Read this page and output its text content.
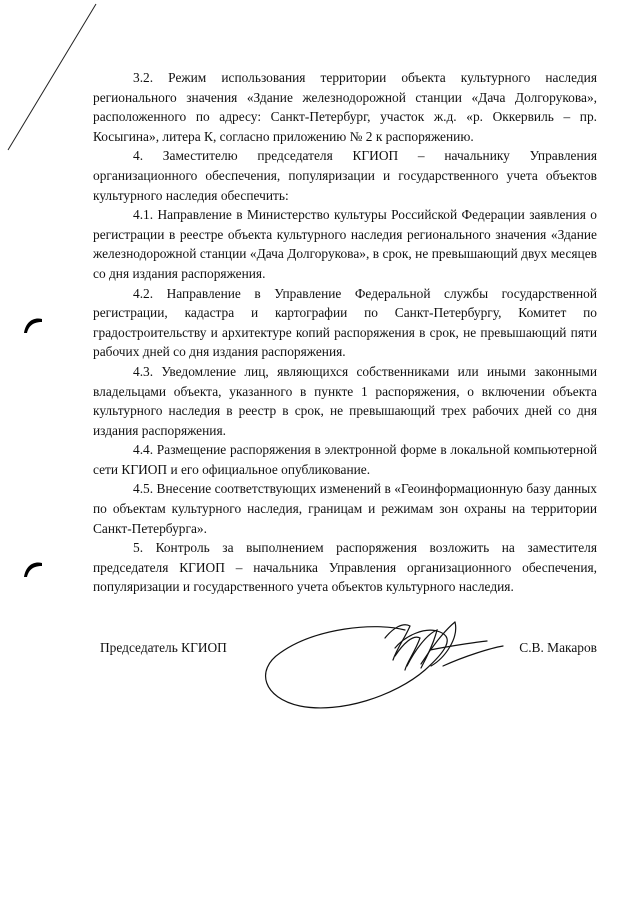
3.2. Режим использования территории объекта культурного наследия регионального значения «Здание железнодорожной станции «Дача Долгорукова», расположенного по адресу: Санкт-Петербург, участок ж.д. «р. Оккервиль – пр. Косыгина», литера К, согласно приложению № 2 к распоряжению.

4. Заместителю председателя КГИОП – начальнику Управления организационного обеспечения, популяризации и государственного учета объектов культурного наследия обеспечить:

4.1. Направление в Министерство культуры Российской Федерации заявления о регистрации в реестре объекта культурного наследия регионального значения «Здание железнодорожной станции «Дача Долгорукова», в срок, не превышающий двух месяцев со дня издания распоряжения.

4.2. Направление в Управление Федеральной службы государственной регистрации, кадастра и картографии по Санкт-Петербургу, Комитет по градостроительству и архитектуре копий распоряжения в срок, не превышающий пяти рабочих дней со дня издания распоряжения.

4.3. Уведомление лиц, являющихся собственниками или иными законными владельцами объекта, указанного в пункте 1 распоряжения, о включении объекта культурного наследия в реестр в срок, не превышающий трех рабочих дней со дня издания распоряжения.

4.4. Размещение распоряжения в электронной форме в локальной компьютерной сети КГИОП и его официальное опубликование.

4.5. Внесение соответствующих изменений в «Геоинформационную базу данных по объектам культурного наследия, границам и режимам зон охраны на территории Санкт-Петербурга».

5. Контроль за выполнением распоряжения возложить на заместителя председателя КГИОП – начальника Управления организационного обеспечения, популяризации и государственного учета объектов культурного наследия.

Председатель КГИОП	С.В. Макаров
